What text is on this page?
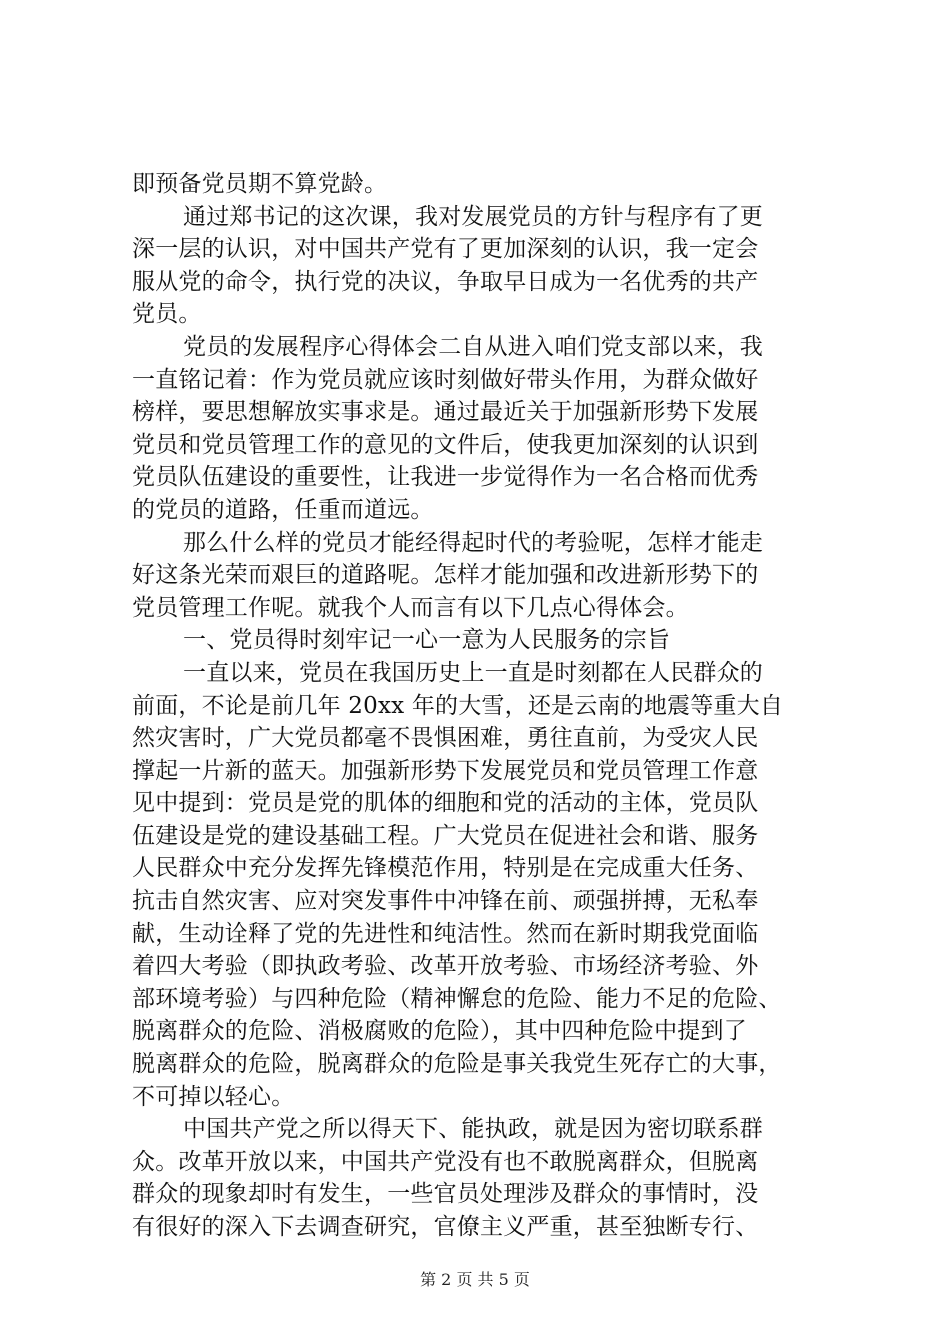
即预备党员期不算党龄。
通过郑书记的这次课，我对发展党员的方针与程序有了更
深一层的认识，对中国共产党有了更加深刻的认识，我一定会
服从党的命令，执行党的决议，争取早日成为一名优秀的共产
党员。
党员的发展程序心得体会二自从进入咱们党支部以来，我
一直铭记着：作为党员就应该时刻做好带头作用，为群众做好
榜样，要思想解放实事求是。通过最近关于加强新形势下发展
党员和党员管理工作的意见的文件后，使我更加深刻的认识到
党员队伍建设的重要性，让我进一步觉得作为一名合格而优秀
的党员的道路，任重而道远。
那么什么样的党员才能经得起时代的考验呢，怎样才能走
好这条光荣而艰巨的道路呢。怎样才能加强和改进新形势下的
党员管理工作呢。就我个人而言有以下几点心得体会。
一、党员得时刻牢记一心一意为人民服务的宗旨
一直以来，党员在我国历史上一直是时刻都在人民群众的
前面，不论是前几年 20xx 年的大雪，还是云南的地震等重大自
然灾害时，广大党员都毫不畏惧困难，勇往直前，为受灾人民
撑起一片新的蓝天。加强新形势下发展党员和党员管理工作意
见中提到：党员是党的肌体的细胞和党的活动的主体，党员队
伍建设是党的建设基础工程。广大党员在促进社会和谐、服务
人民群众中充分发挥先锋模范作用，特别是在完成重大任务、
抗击自然灾害、应对突发事件中冲锋在前、顽强拼搏，无私奉
献，生动诠释了党的先进性和纯洁性。然而在新时期我党面临
着四大考验（即执政考验、改革开放考验、市场经济考验、外
部环境考验）与四种危险（精神懈怠的危险、能力不足的危险、
脱离群众的危险、消极腐败的危险），其中四种危险中提到了
脱离群众的危险，脱离群众的危险是事关我党生死存亡的大事，
不可掉以轻心。
中国共产党之所以得天下、能执政，就是因为密切联系群
众。改革开放以来，中国共产党没有也不敢脱离群众，但脱离
群众的现象却时有发生，一些官员处理涉及群众的事情时，没
有很好的深入下去调查研究，官僚主义严重，甚至独断专行、
第 2 页 共 5 页
